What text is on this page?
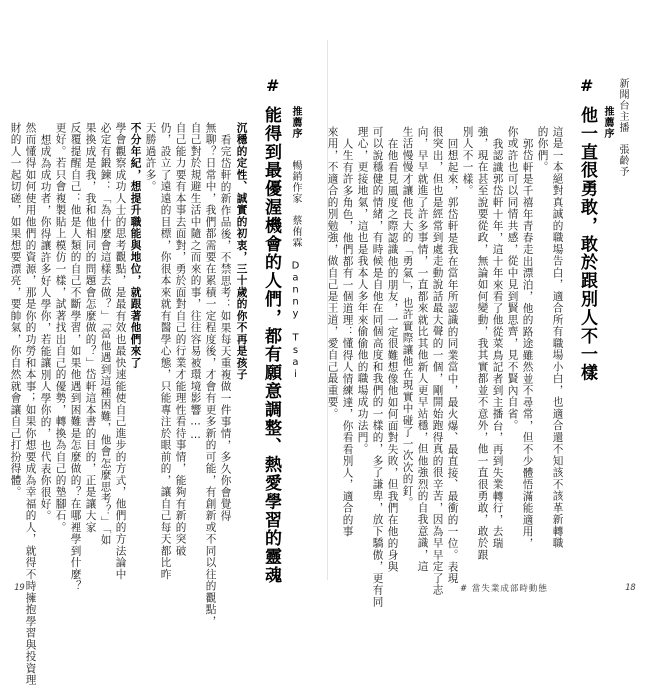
#
推薦序 新聞台主播　張齡予
他一直很勇敢，敢於跟別人不一樣
這是一本絕對真誠的職場告白，適合所有職場小白，也適合還不知該不該革新轉職
的你們。
郭岱軒是千禧年青春走出漂泊，他的路途雖然並不尋常，但不少體悟滿能適用，
你或許也可以同情共感，從中見到賢思齊，見不賢內自省。
我認識郭岱軒十年，這十年來看了他從菜鳥記者到主播台，再到失業轉行，去瑞
強，現在甚至說要從政，無論如何變動，我其實都並不意外，他一直很勇敢，敢於跟
別人不一樣。
回想起來，郭岱軒是我在當年所認識的同業當中，最火爆、最直接、最衝的一位。表現
很突出，但也是經常到處走動說話最大聲的一個，剛開始跑得真的很辛苦，因為早早定了志
向，早早就進了許多事情，一直都來就比其他新人更早站穩，但他強烈的自我意識，這
生活慢慢才讓他長大的「勇氣」，也許實際讓他在現實中碰了一次次的釘。
在他看見風度之際認識他的朋友，一定很難想像他如何面對失敗，但我們在他的身與
可以說穩健的情緒，有時候是自他在同個高度和我們的一樣的，多了謙卑，放下驕傲，更有同
理心，更接地氣，這也是我本人多年來偷偷他的職場成功法門。
人生有許多角色，他們都有一個道理：懂得人情練達，你看看別人，適合的事
來用，不適合的別勉強，做自己是王道，愛自己最重要。
# 當失業成部時動態	18
#
推薦序
暢銷作家　蔡侑霖 Danny Tsai
能得到最優渥機會的人們，都有願意調整、熱愛學習的靈魂
沉穩的定性、誠實的初衷，三十歲的你不再是孩子
看完岱軒的新作品後，不禁思考：如果每天重複做一件事情，多久你會覺得
無聊？日常中，我們都需要在累積一定程度後，才會有更多新的可能，有創新或不同以往的觀點，
自己對於規避生活中隨之而來的事，往往容易被環境影響……
自己能力要有本事去面對，勇於面對自己的行業才能理性看待事情，能夠有新的突破
仍，設立了遠遠的目標，你很本來就有醫學心態，只能專注於眼前的，讓自己每天都比昨
天勝過許多。
不分年紀，想提升職能與地位，就跟著他們來了
學會觀察成功人士的思考觀點，是最有效也最快速能使自己進步的方式，他們的方法論中
必定有鍛鍊：「為什麼會這樣去做？」「當他遇到這種困難，他會怎麼思考？」「如
果換成是我，我和他相同的問題會怎麼做的？」岱軒這本書的目的，正是讓大家
反覆提醒自己：他是人類的自己不斷學習，如果他遇到困難是怎麼做的？在哪裡學到什麼？
更好。若只會複製貼上模仿一樣，試著找出自己的優勢，轉換為自己的墊腳石。
想成為成功者，你得讓許多好人學你，若能讓別人學你的，也代表你很好。
然而懂得如何使用他們的資源，那是你的功勞和本事；如果你想要成為幸福的人，就得不時擁抱學習與投資理
財的人一起切磋，如果想要漂亮，要帥氣，你自然就會讓自己打扮得體。
19
